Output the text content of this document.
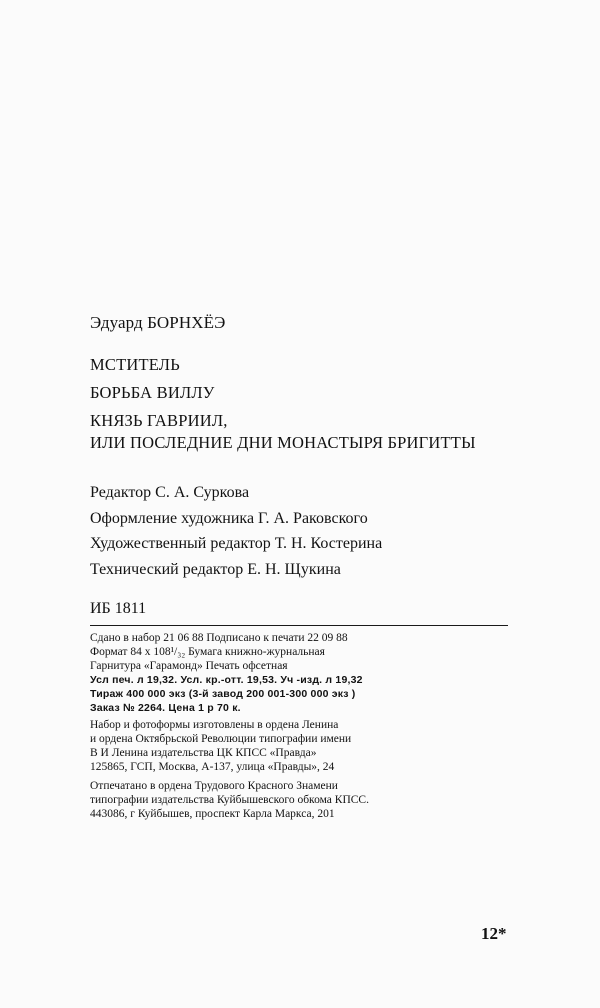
Эдуард БОРНХЁЭ
МСТИТЕЛЬ
БОРЬБА ВИЛЛУ
КНЯЗЬ ГАВРИИЛ,
ИЛИ ПОСЛЕДНИЕ ДНИ МОНАСТЫРЯ БРИГИТТЫ
Редактор С. А. Суркова
Оформление художника Г. А. Раковского
Художественный редактор Т. Н. Костерина
Технический редактор Е. Н. Щукина
ИБ 1811
Сдано в набор 21 06 88 Подписано к печати 22 09 88
Формат 84 x 108¹/₃₂ Бумага книжно-журнальная
Гарнитура «Гарамонд» Печать офсетная
Усл печ. л 19,32. Усл. кр.-отт. 19,53. Уч -изд. л 19,32
Тираж 400 000 экз (3-й завод 200 001-300 000 экз )
Заказ № 2264. Цена 1 р 70 к.
Набор и фотоформы изготовлены в ордена Ленина
и ордена Октябрьской Революции типографии имени
В И Ленина издательства ЦК КПСС «Правда»
125865, ГСП, Москва, А-137, улица «Правды», 24
Отпечатано в ордена Трудового Красного Знамени
типографии издательства Куйбышевского обкома КПСС.
443086, г Куйбышев, проспект Карла Маркса, 201
12*
